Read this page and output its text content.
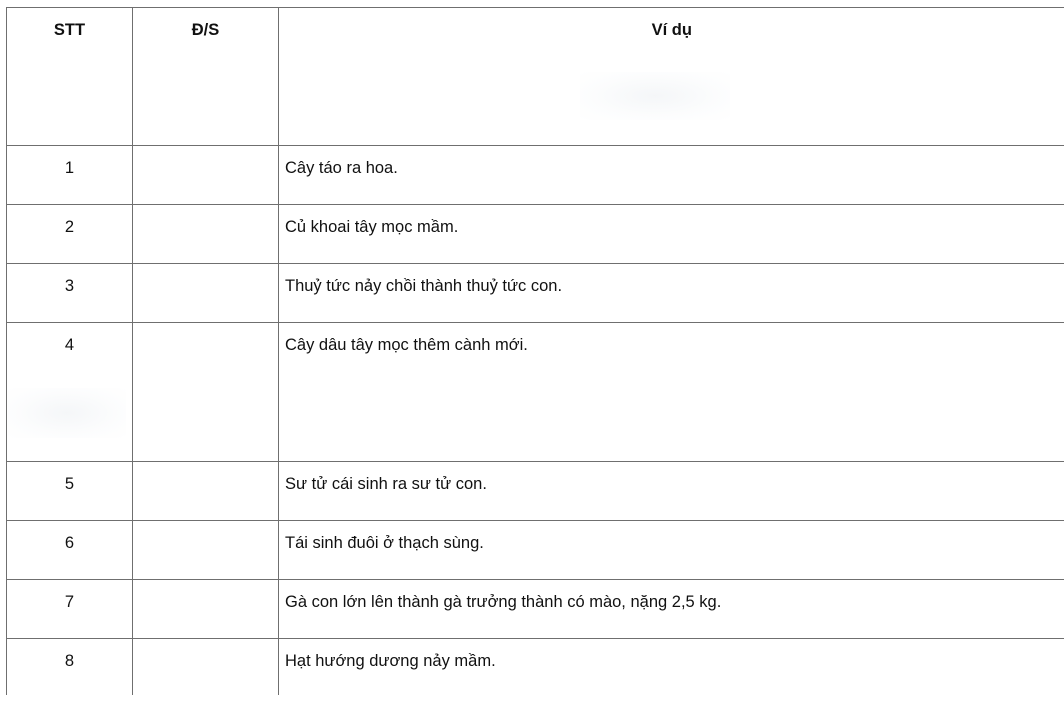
STT	Đ/S	Ví dụ
1		Cây táo ra hoa.
2		Củ khoai tây mọc mầm.
3		Thuỷ tức nảy chồi thành thuỷ tức con.
4		Cây dâu tây mọc thêm cành mới.
5		Sư tử cái sinh ra sư tử con.
6		Tái sinh đuôi ở thạch sùng.
7		Gà con lớn lên thành gà trưởng thành có mào, nặng 2,5 kg.
8		Hạt hướng dương nảy mầm.
